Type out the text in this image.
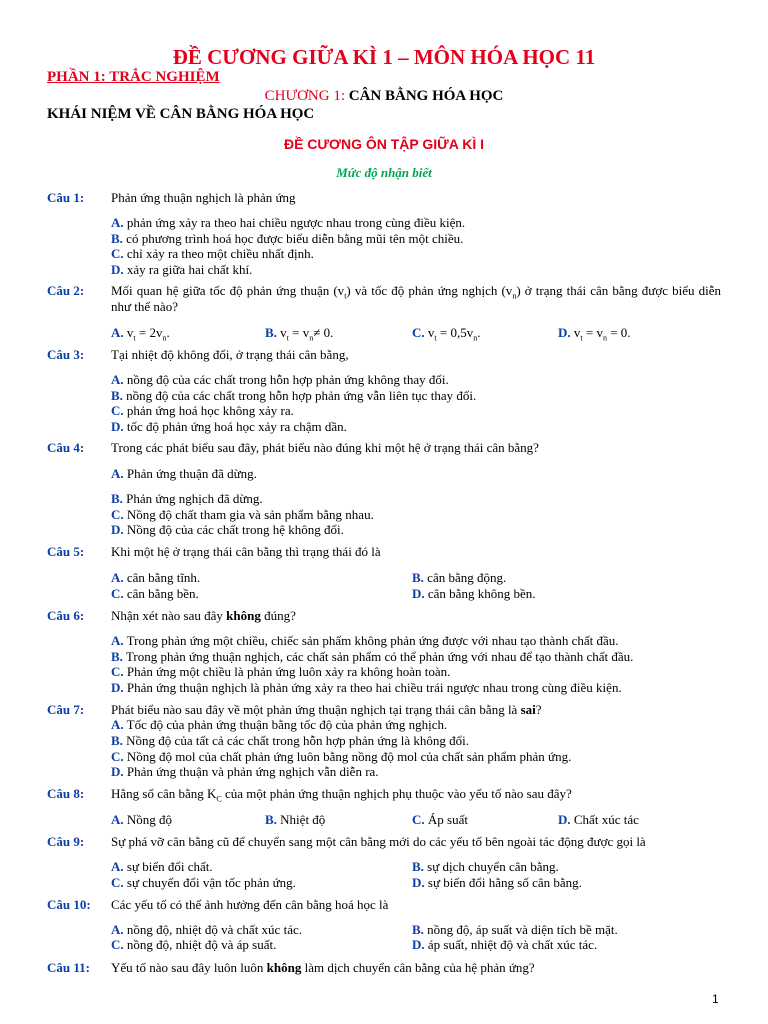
ĐỀ CƯƠNG GIỮA KÌ 1 – MÔN HÓA HỌC 11
PHẦN 1: TRẮC NGHIỆM
CHƯƠNG 1: CÂN BẰNG HÓA HỌC
KHÁI NIỆM VỀ CÂN BẰNG HÓA HỌC
ĐỀ CƯƠNG ÔN TẬP GIỮA KÌ I
Mức độ nhận biết
Câu 1: Phản ứng thuận nghịch là phản ứng
A. phản ứng xảy ra theo hai chiều ngược nhau trong cùng điều kiện.
B. có phương trình hoá học được biểu diễn bằng mũi tên một chiều.
C. chỉ xảy ra theo một chiều nhất định.
D. xảy ra giữa hai chất khí.
Câu 2: Mối quan hệ giữa tốc độ phản ứng thuận $(v_t)$ và tốc độ phản ứng nghịch $(v_n)$ ở trạng thái cân bằng được biểu diễn như thế nào?
A. $v_t = 2v_n$.	B. $v_t = v_n\ne 0$.	C. $v_t = 0,5v_n$.	D. $v_t = v_n = 0$.
Câu 3: Tại nhiệt độ không đổi, ở trạng thái cân bằng,
A. nồng độ của các chất trong hỗn hợp phản ứng không thay đổi.
B. nồng độ của các chất trong hỗn hợp phản ứng vẫn liên tục thay đổi.
C. phản ứng hoá học không xảy ra.
D. tốc độ phản ứng hoá học xảy ra chậm dần.
Câu 4: Trong các phát biểu sau đây, phát biểu nào đúng khi một hệ ở trạng thái cân bằng?
A. Phản ứng thuận đã dừng.
B. Phản ứng nghịch đã dừng.
C. Nồng độ chất tham gia và sản phẩm bằng nhau.
D. Nồng độ của các chất trong hệ không đổi.
Câu 5: Khi một hệ ở trạng thái cân bằng thì trạng thái đó là
A. cân bằng tĩnh.	B. cân bằng động.
C. cân bằng bền.	D. cân bằng không bền.
Câu 6: Nhận xét nào sau đây không đúng?
A. Trong phản ứng một chiều, chiếc sản phẩm không phản ứng được với nhau tạo thành chất đầu.
B. Trong phản ứng thuận nghịch, các chất sản phẩm có thể phản ứng với nhau để tạo thành chất đầu.
C. Phản ứng một chiều là phản ứng luôn xảy ra không hoàn toàn.
D. Phản ứng thuận nghịch là phản ứng xảy ra theo hai chiều trái ngược nhau trong cùng điều kiện.
Câu 7: Phát biểu nào sau đây về một phản ứng thuận nghịch tại trạng thái cân bằng là sai?
A. Tốc độ của phản ứng thuận bằng tốc độ của phản ứng nghịch.
B. Nồng độ của tất cả các chất trong hỗn hợp phản ứng là không đổi.
C. Nồng độ mol của chất phản ứng luôn bằng nồng độ mol của chất sản phẩm phản ứng.
D. Phản ứng thuận và phản ứng nghịch vẫn diễn ra.
Câu 8: Hằng số cân bằng $K_C$ của một phản ứng thuận nghịch phụ thuộc vào yếu tố nào sau đây?
A. Nồng độ	B. Nhiệt độ	C. Áp suất	D. Chất xúc tác
Câu 9: Sự phá vỡ cân bằng cũ để chuyển sang một cân bằng mới do các yếu tố bên ngoài tác động được gọi là
A. sự biến đổi chất.	B. sự dịch chuyển cân bằng.
C. sự chuyển đổi vận tốc phản ứng.	D. sự biến đổi hằng số cân bằng.
Câu 10: Các yếu tố có thể ảnh hưởng đến cân bằng hoá học là
A. nồng độ, nhiệt độ và chất xúc tác.	B. nồng độ, áp suất và diện tích bề mặt.
C. nồng độ, nhiệt độ và áp suất.	D. áp suất, nhiệt độ và chất xúc tác.
Câu 11: Yếu tố nào sau đây luôn luôn không làm dịch chuyển cân bằng của hệ phản ứng?
1
